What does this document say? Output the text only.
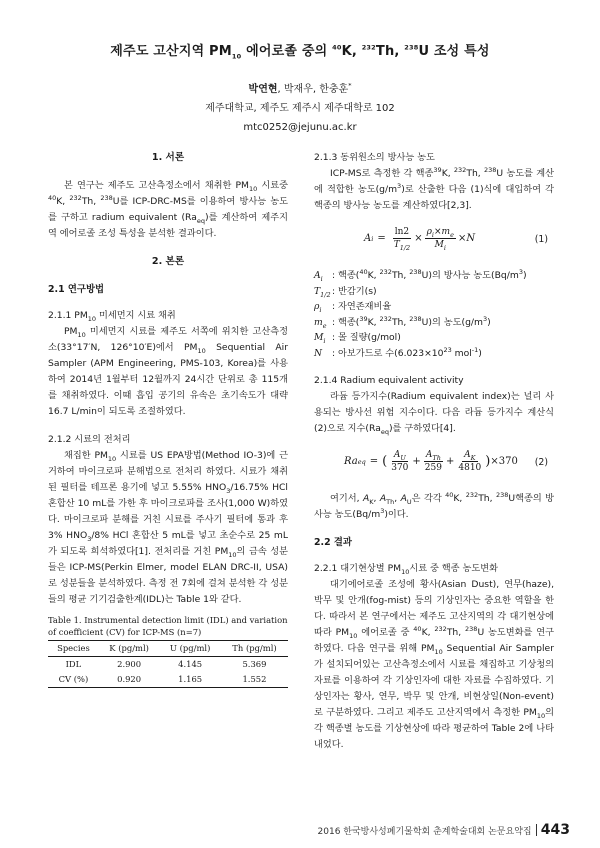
제주도 고산지역 $PM_{10}$ 에어로졸 중의 $^{40}$K, $^{232}$Th, $^{238}$U 조성 특성
박연현, 박재우, 한충훈*
제주대학교, 제주도 제주시 제주대학로 102
mtc0252@jejunu.ac.kr
1. 서론

본 연구는 제주도 고산측정소에서 채취한 $PM_{10}$ 시료중 $^{40}$K, $^{232}$Th, $^{238}$U를 ICP-DRC-MS를 이용하여 방사능 농도를 구하고 radium equivalent $(Ra_{eq})$를 계산하여 제주지역 에어로졸 조성 특성을 분석한 결과이다.

2. 본론
2.1 연구방법

2.1.1 $PM_{10}$ 미세먼지 시료 채취

$PM_{10}$ 미세먼지 시료를 제주도 서쪽에 위치한 고산측정소(33°17′N, 126°10′E)에서 $PM_{10}$ Sequential Air Sampler (APM Engineering, PMS-103, Korea)를 사용하여 2014년 1월부터 12월까지 24시간 단위로 총 115개를 채취하였다. 이때 흡입 공기의 유속은 초기속도가 대략 16.7 L/min이 되도록 조절하였다.

2.1.2 시료의 전처리

채집한 $PM_{10}$ 시료를 US EPA방법(Method IO-3)에 근거하여 마이크로파 분해법으로 전처리 하였다. 시료가 채취된 필터를 테프론 용기에 넣고 5.55% $HNO_3/16.75\%$ HCl 혼합산 10 mL를 가한 후 마이크로파를 조사(1,000 W)하였다. 마이크로파 분해를 거친 시료를 주사기 필터에 통과 후 3% $HNO_3/8\%$ HCl 혼합산 5 mL를 넣고 초순수로 25 mL가 되도록 희석하였다[1]. 전처리를 거친 $PM_{10}$의 금속 성분들은 ICP-MS(Perkin Elmer, model ELAN DRC-II, USA)로 성분들을 분석하였다. 측정 전 7회에 걸쳐 분석한 각 성분들의 평균 기기검출한계(IDL)는 Table 1와 같다.

Table 1. Instrumental detection limit (IDL) and variation of coefficient (CV) for ICP-MS (n=7)
Species	K (pg/ml)	U (pg/ml)	Th (pg/ml)
IDL	2.900	4.145	5.369
CV (%)	0.920	1.165	1.552

2.1.3 동위원소의 방사능 농도

ICP-MS로 측정한 각 핵종$^{39}$K, $^{232}$Th, $^{238}$U 농도를 계산에 적합한 농도$(g/m^3)$로 산출한 다음 (1)식에 대입하여 각 핵종의 방사능 농도를 계산하였다[2,3].

A $i = \frac{\ln 2}{T_{1/2}} \times \frac{\rho_i\times m_e}{M_i} \times N$	(1)
$A_i$	: 핵종($^{40}$K, $^{232}$Th, $^{238}$U)의 방사능 농도$(Bq/m^3)$
$T_{1/2}$ : 반감기(s)
$\rho_i$	: 자연존재비율
$m_e$ : 핵종($^{39}$K, $^{232}$Th, $^{238}$U)의 농도$(g/m^3)$
$M_i$ : 몰 질량(g/mol)
N	: 아보가드로 수($6.023\times 10^{23}$ mol$^{-1}$)

2.1.4 Radium equivalent activity

라듐 등가지수(Radium equivalent index)는 널리 사용되는 방사선 위험 지수이다. 다음 라듐 등가지수 계산식(2)으로 지수$(Ra_{eq})$를 구하였다[4].

Ra eq = ( $\frac{A_U}{370} + \frac{A_{Th}}{259} + \frac{A_K}{4810}$ ) ×370 (2)

여기서, $A_K$, $A_{Th}$, $A_U$은 각각 $^{40}$K, $^{232}$Th, $^{238}$U핵종의 방사능 농도$(Bq/m^3)$이다.

2.2 결과

2.2.1 대기현상별 $PM_{10}$시료 중 핵종 농도변화

대기에어로졸 조성에 황사(Asian Dust), 연무(haze), 박무 및 안개(fog-mist) 등의 기상인자는 중요한 역할을 한다. 따라서 본 연구에서는 제주도 고산지역의 각 대기현상에 따라 $PM_{10}$ 에어로졸 중 $^{40}$K, $^{232}$Th, $^{238}$U 농도변화를 연구하였다. 다음 연구를 위해 $PM_{10}$ Sequential Air Sampler가 설치되어있는 고산측정소에서 시료를 채집하고 기상청의 자료를 이용하여 각 기상인자에 대한 자료를 수집하였다. 기상인자는 황사, 연무, 박무 및 안개, 비현상일(Non-event)로 구분하였다. 그리고 제주도 고산지역에서 측정한 $PM_{10}$의 각 핵종별 농도를 기상현상에 따라 평균하여 Table 2에 나타내었다.

2016 한국방사성폐기물학회 춘계학술대회 논문요약집 443
